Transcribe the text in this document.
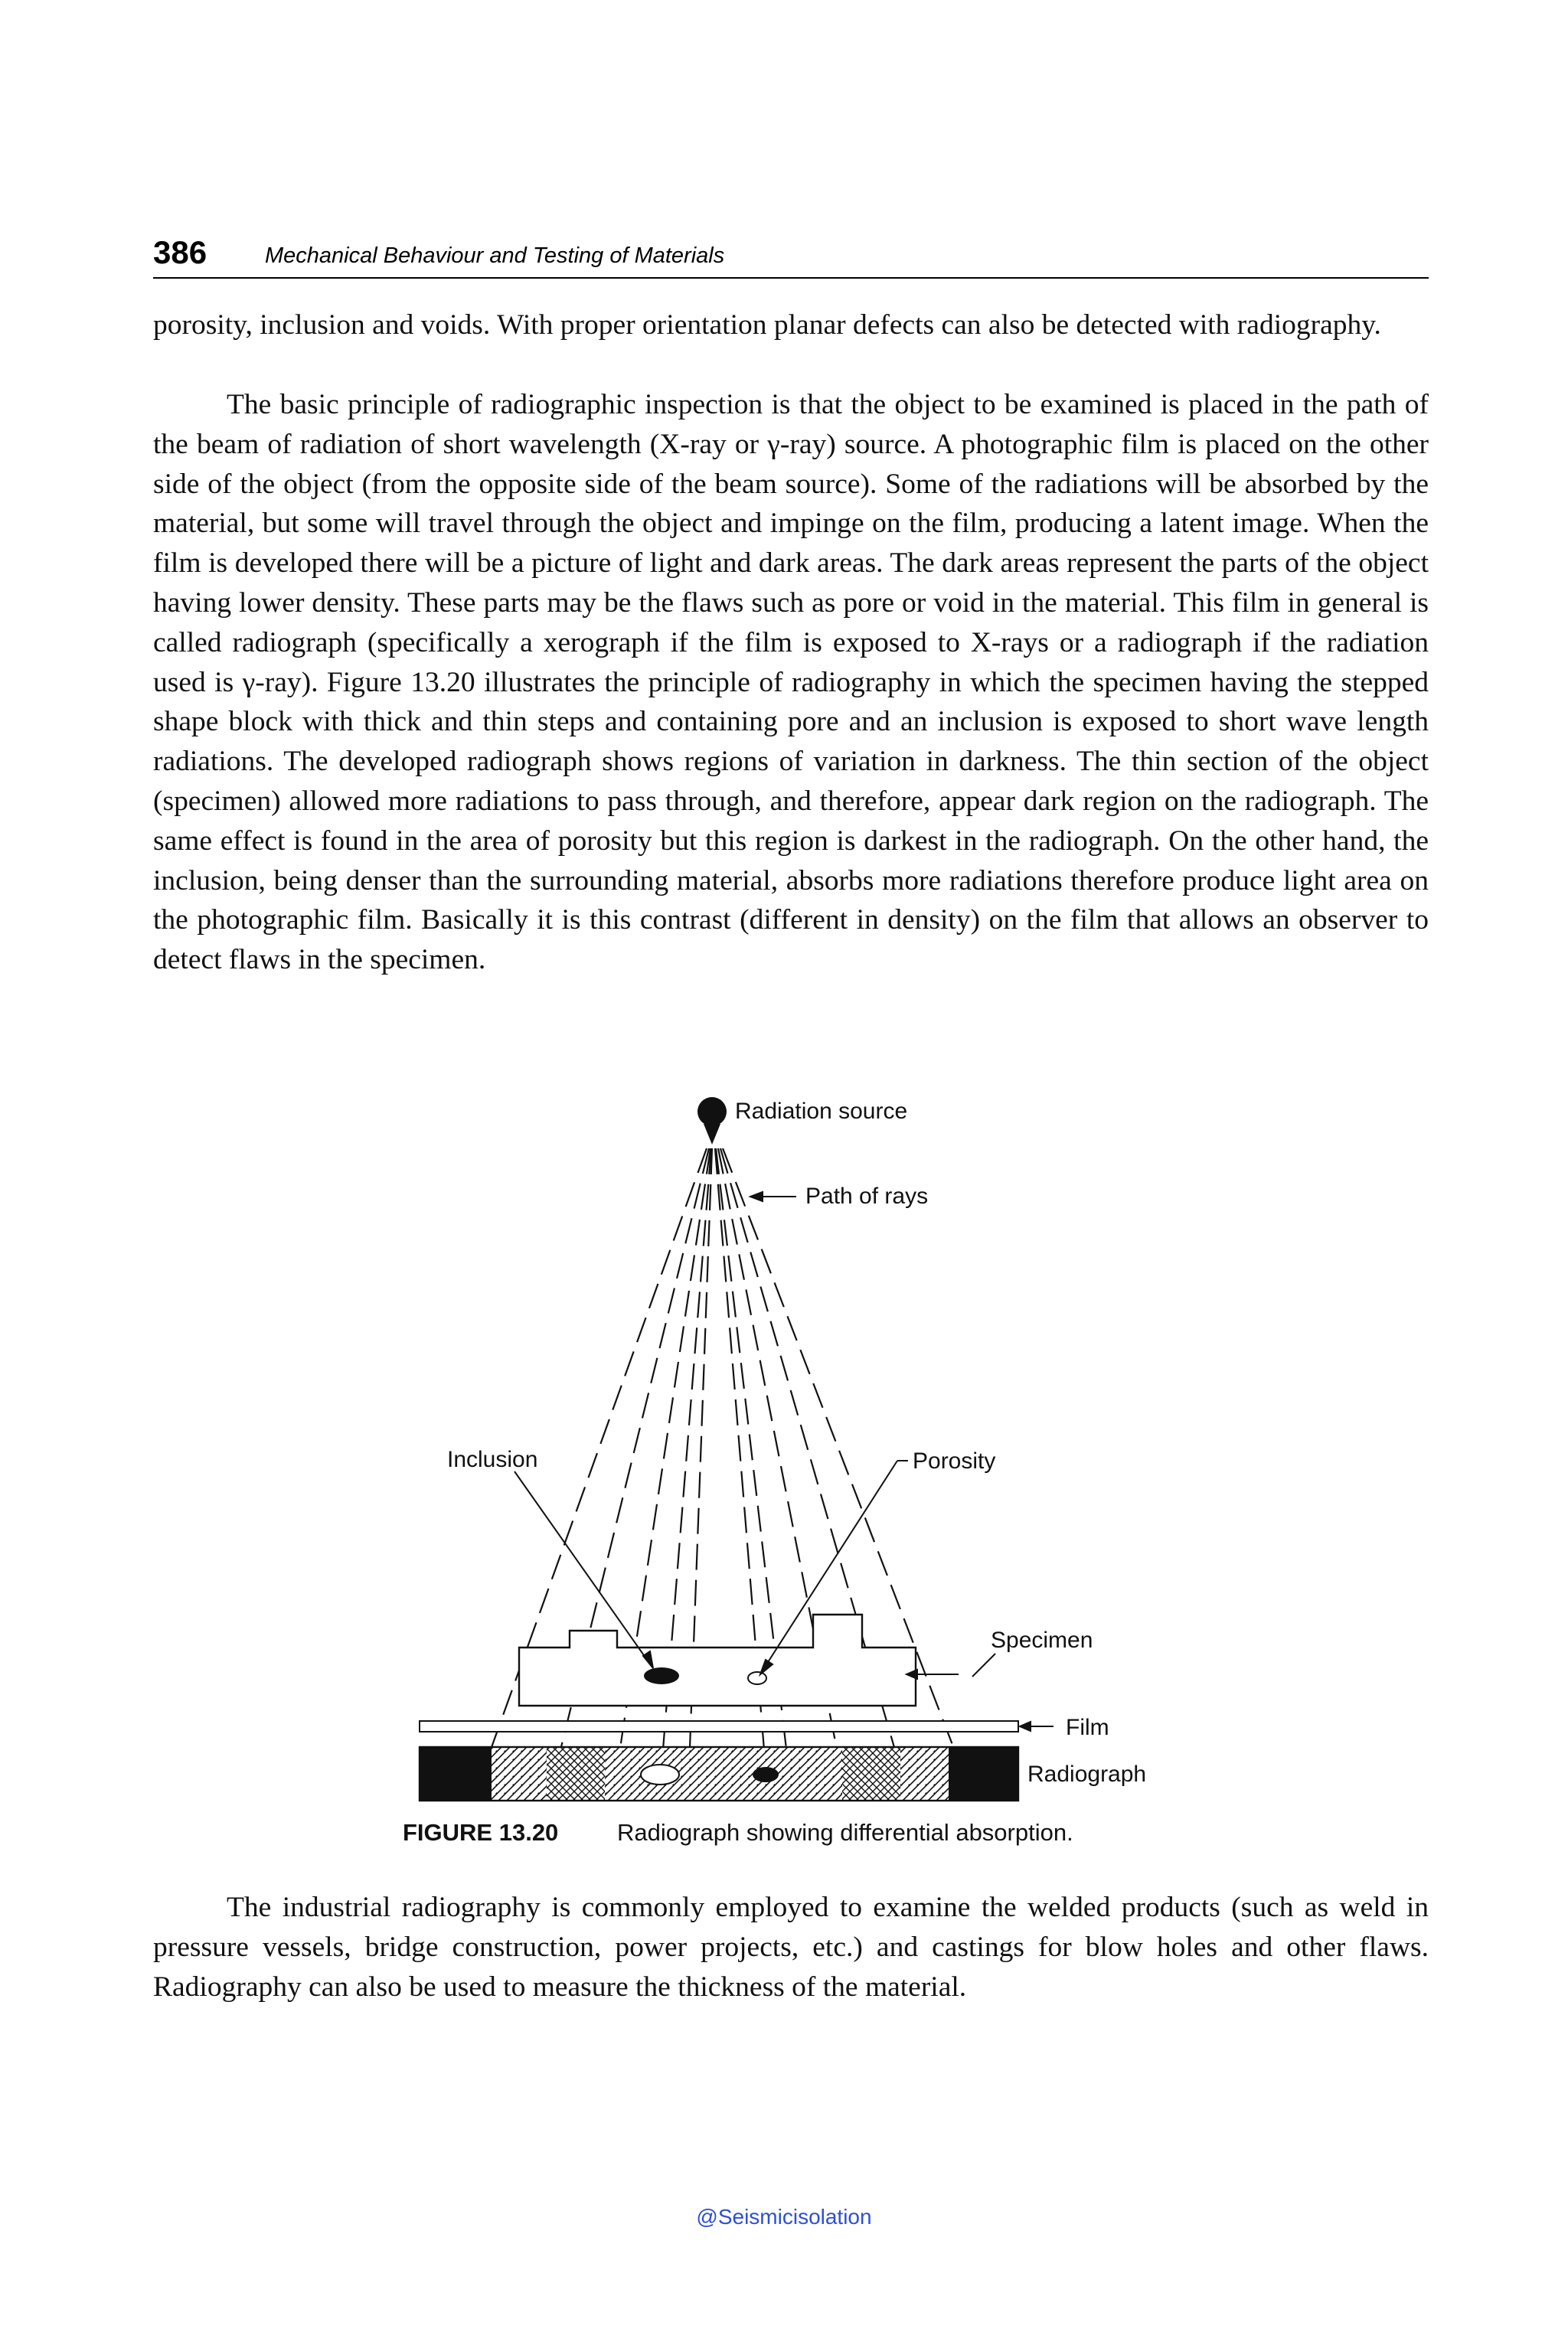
386	Mechanical Behaviour and Testing of Materials

porosity, inclusion and voids. With proper orientation planar defects can also be detected with radiography.

The basic principle of radiographic inspection is that the object to be examined is placed in the path of the beam of radiation of short wavelength (X-ray or γ-ray) source. A photographic film is placed on the other side of the object (from the opposite side of the beam source). Some of the radiations will be absorbed by the material, but some will travel through the object and impinge on the film, producing a latent image. When the film is developed there will be a picture of light and dark areas. The dark areas represent the parts of the object having lower density. These parts may be the flaws such as pore or void in the material. This film in general is called radiograph (specifically a xerograph if the film is exposed to X-rays or a radiograph if the radiation used is γ-ray). Figure 13.20 illustrates the principle of radiography in which the specimen having the stepped shape block with thick and thin steps and containing pore and an inclusion is exposed to short wave length radiations. The developed radiograph shows regions of variation in darkness. The thin section of the object (specimen) allowed more radiations to pass through, and therefore, appear dark region on the radiograph. The same effect is found in the area of porosity but this region is darkest in the radiograph. On the other hand, the inclusion, being denser than the surrounding material, absorbs more radiations therefore produce light area on the photographic film. Basically it is this contrast (different in density) on the film that allows an observer to detect flaws in the specimen.

Radiation source
Path of rays
Inclusion	Porosity
Specimen
Film
Radiograph
FIGURE 13.20 Radiograph showing differential absorption.

The industrial radiography is commonly employed to examine the welded products (such as weld in pressure vessels, bridge construction, power projects, etc.) and castings for blow holes and other flaws. Radiography can also be used to measure the thickness of the material.

@Seismicisolation
